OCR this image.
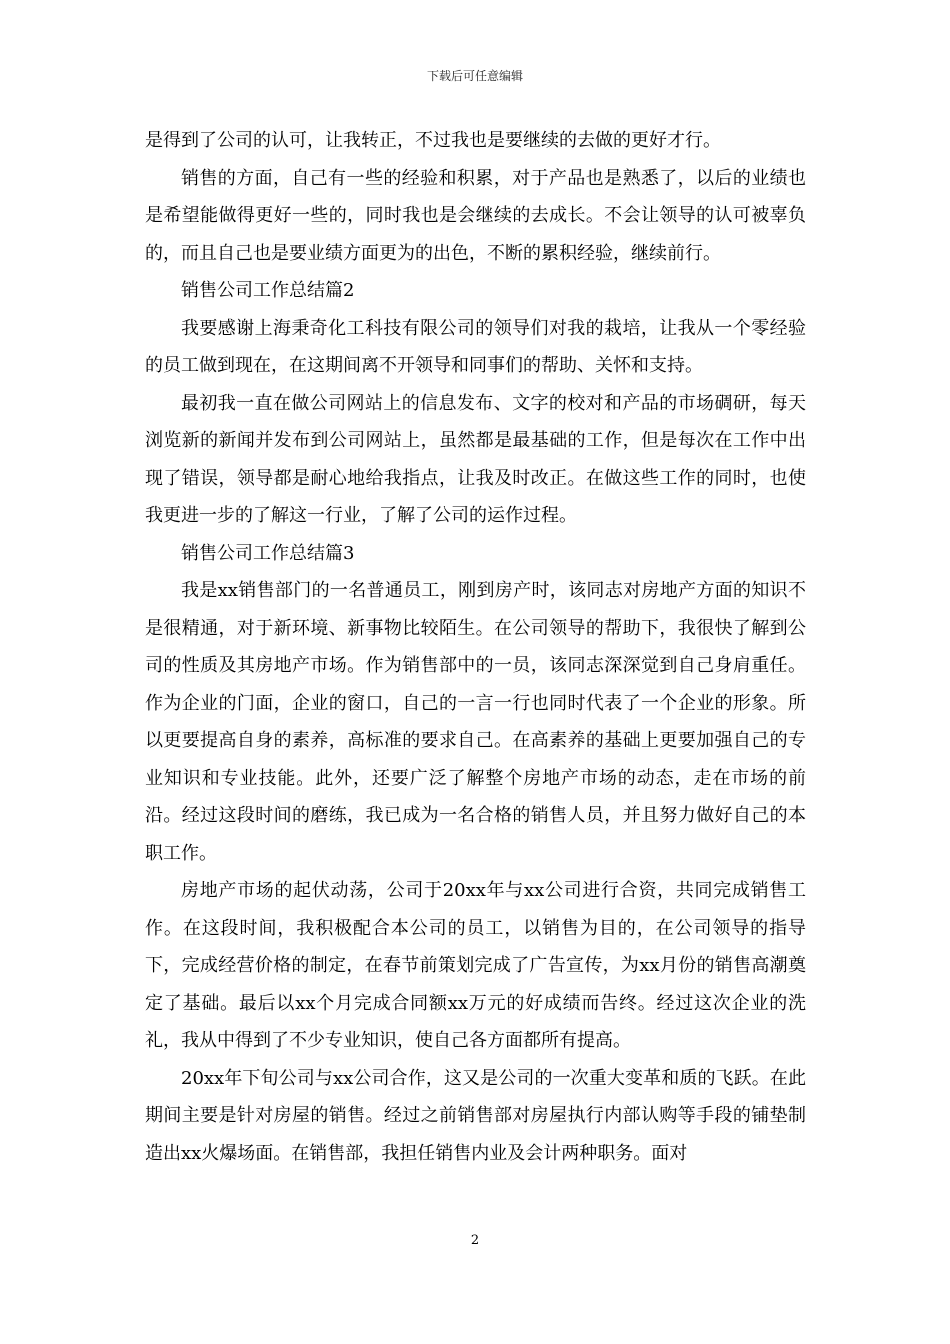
下载后可任意编辑

是得到了公司的认可，让我转正，不过我也是要继续的去做的更好才行。

销售的方面，自己有一些的经验和积累，对于产品也是熟悉了，以后的业绩也是希望能做得更好一些的，同时我也是会继续的去成长。不会让领导的认可被辜负的，而且自己也是要业绩方面更为的出色，不断的累积经验，继续前行。

销售公司工作总结篇2

我要感谢上海秉奇化工科技有限公司的领导们对我的栽培，让我从一个零经验的员工做到现在，在这期间离不开领导和同事们的帮助、关怀和支持。

最初我一直在做公司网站上的信息发布、文字的校对和产品的市场碉研，每天浏览新的新闻并发布到公司网站上，虽然都是最基础的工作，但是每次在工作中出现了错误，领导都是耐心地给我指点，让我及时改正。在做这些工作的同时，也使我更进一步的了解这一行业，了解了公司的运作过程。

销售公司工作总结篇3

我是xx销售部门的一名普通员工，刚到房产时，该同志对房地产方面的知识不是很精通，对于新环境、新事物比较陌生。在公司领导的帮助下，我很快了解到公司的性质及其房地产市场。作为销售部中的一员，该同志深深觉到自己身肩重任。作为企业的门面，企业的窗口，自己的一言一行也同时代表了一个企业的形象。所以更要提高自身的素养，高标准的要求自己。在高素养的基础上更要加强自己的专业知识和专业技能。此外，还要广泛了解整个房地产市场的动态，走在市场的前沿。经过这段时间的磨练，我已成为一名合格的销售人员，并且努力做好自己的本职工作。

房地产市场的起伏动荡，公司于20xx年与xx公司进行合资，共同完成销售工作。在这段时间，我积极配合本公司的员工，以销售为目的，在公司领导的指导下，完成经营价格的制定，在春节前策划完成了广告宣传，为xx月份的销售高潮奠定了基础。最后以xx个月完成合同额xx万元的好成绩而告终。经过这次企业的洗礼，我从中得到了不少专业知识，使自己各方面都所有提高。

20xx年下旬公司与xx公司合作，这又是公司的一次重大变革和质的飞跃。在此期间主要是针对房屋的销售。经过之前销售部对房屋执行内部认购等手段的铺垫制造出xx火爆场面。在销售部，我担任销售内业及会计两种职务。面对

2
